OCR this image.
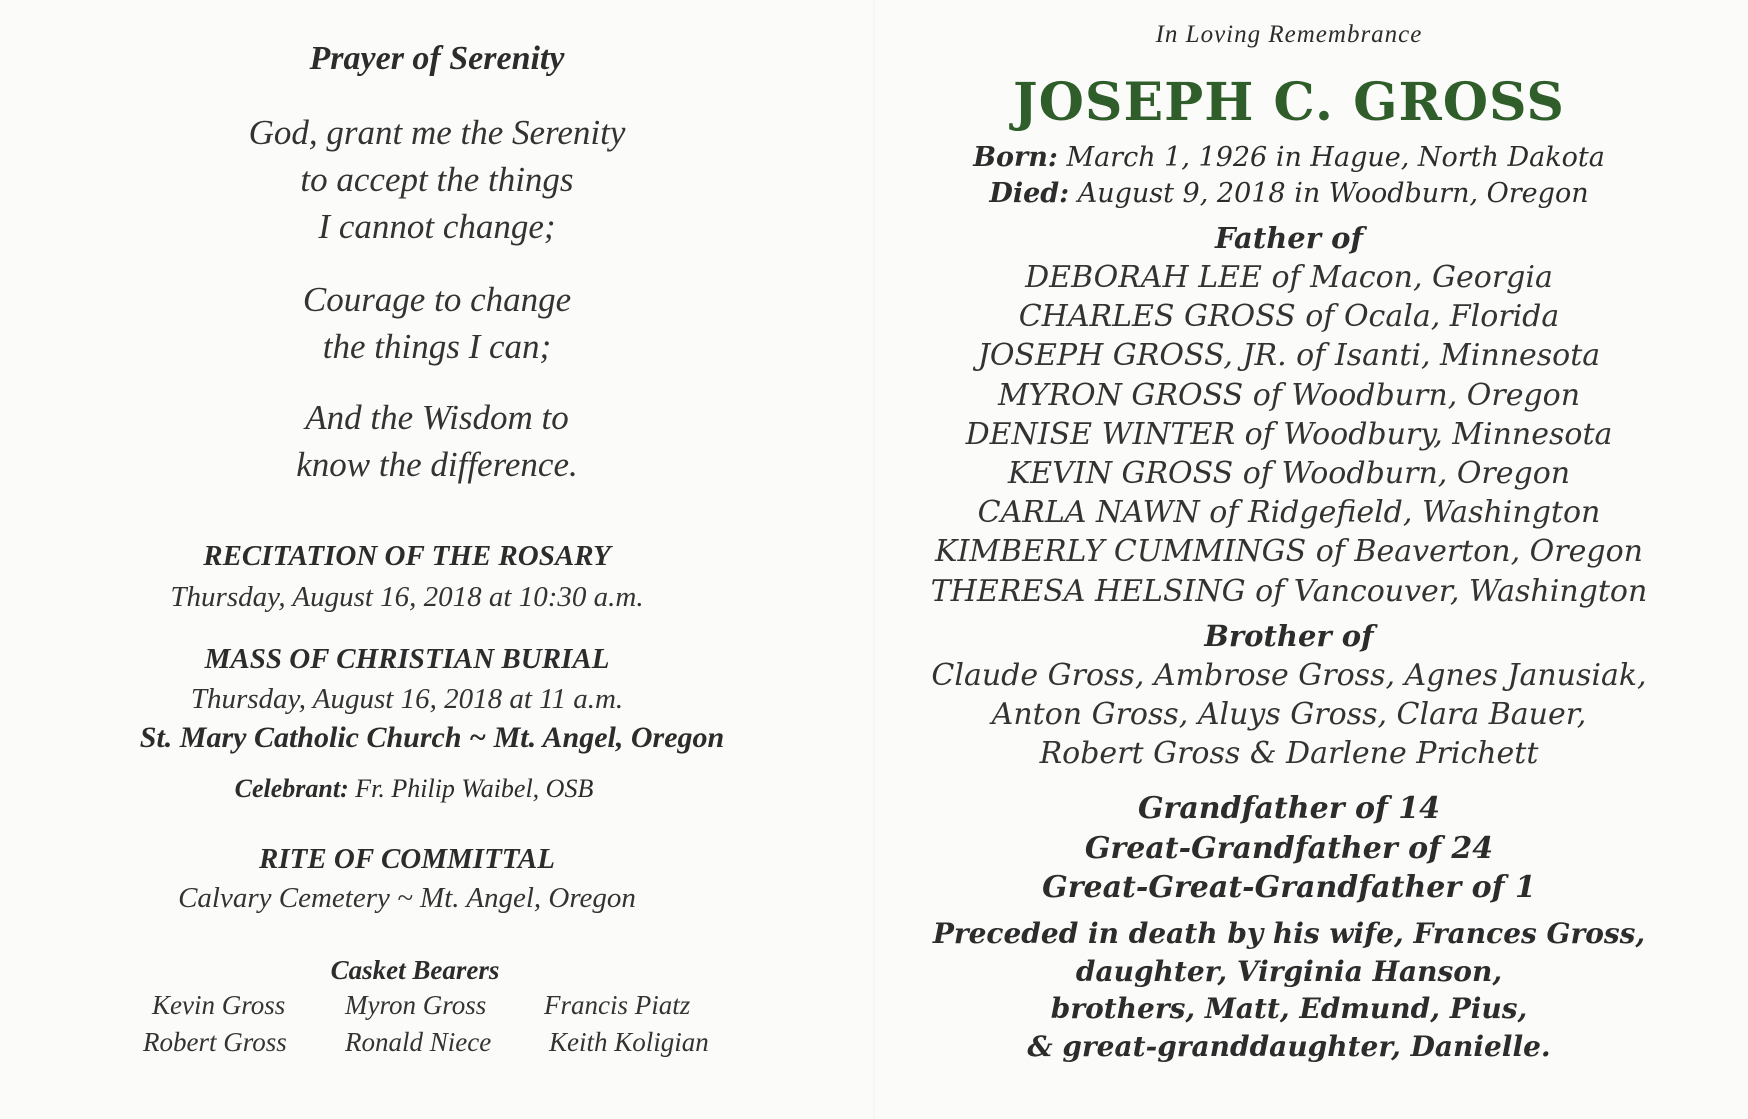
Prayer of Serenity
God, grant me the Serenity
to accept the things
I cannot change;
Courage to change
the things I can;
And the Wisdom to
know the difference.
RECITATION OF THE ROSARY
Thursday, August 16, 2018 at 10:30 a.m.
MASS OF CHRISTIAN BURIAL
Thursday, August 16, 2018 at 11 a.m.
St. Mary Catholic Church ~ Mt. Angel, Oregon
Celebrant: Fr. Philip Waibel, OSB
RITE OF COMMITTAL
Calvary Cemetery ~ Mt. Angel, Oregon
Casket Bearers
Kevin Gross Myron Gross Francis Piatz
Robert Gross Ronald Niece Keith Koligian
In Loving Remembrance
JOSEPH C. GROSS
Born: March 1, 1926 in Hague, North Dakota
Died: August 9, 2018 in Woodburn, Oregon
Father of
DEBORAH LEE of Macon, Georgia
CHARLES GROSS of Ocala, Florida
JOSEPH GROSS, JR. of Isanti, Minnesota
MYRON GROSS of Woodburn, Oregon
DENISE WINTER of Woodbury, Minnesota
KEVIN GROSS of Woodburn, Oregon
CARLA NAWN of Ridgefield, Washington
KIMBERLY CUMMINGS of Beaverton, Oregon
THERESA HELSING of Vancouver, Washington
Brother of
Claude Gross, Ambrose Gross, Agnes Janusiak,
Anton Gross, Aluys Gross, Clara Bauer,
Robert Gross & Darlene Prichett
Grandfather of 14
Great-Grandfather of 24
Great-Great-Grandfather of 1
Preceded in death by his wife, Frances Gross,
daughter, Virginia Hanson,
brothers, Matt, Edmund, Pius,
& great-granddaughter, Danielle.
